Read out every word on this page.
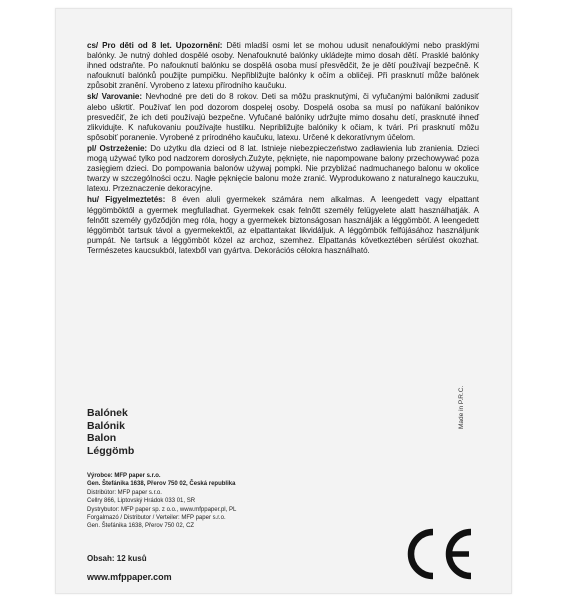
cs/ Pro děti od 8 let. Upozornění: Děti mladší osmi let se mohou udusit nenafouklými nebo prasklými balónky. Je nutný dohled dospělé osoby. Nenafouknuté balónky ukládejte mimo dosah dětí. Prasklé balónky ihned odstraňte. Po nafouknutí balónku se dospělá osoba musí přesvědčit, že je dětí používají bezpečně. K nafouknutí balónků použijte pumpičku. Nepřibližujte balónky k očím a obličeji. Při prasknutí může balónek způsobit zranění. Vyrobeno z latexu přírodního kaučuku.

sk/ Varovanie: Nevhodné pre deti do 8 rokov. Deti sa môžu prasknutými, či vyfučanými balónikmi zadusiť alebo uškrtiť. Používať len pod dozorom dospelej osoby. Dospelá osoba sa musí po nafúkaní balónikov presvedčiť, že ich deti používajú bezpečne. Vyfučané balóniky udržujte mimo dosahu detí, prasknuté ihneď zlikvidujte. K nafukovaniu používajte hustilku. Nepribližujte balóniky k očiam, k tvári. Pri prasknutí môžu spôsobiť poranenie. Vyrobené z prírodného kaučuku, latexu. Určené k dekoratívnym účelom.

pl/ Ostrzeżenie: Do użytku dla dzieci od 8 lat. Istnieje niebezpieczeństwo zadławienia lub zranienia. Dzieci mogą używać tylko pod nadzorem dorosłych.Zużyte, pęknięte, nie napompowane balony przechowywać poza zasięgiem dzieci. Do pompowania balonów używaj pompki. Nie przybliżać nadmuchanego balonu w okolice twarzy w szczególności oczu. Nagłe pęknięcie balonu może zranić. Wyprodukowano z naturalnego kauczuku, latexu. Przeznaczenie dekoracyjne.

hu/ Figyelmeztetés: 8 éven aluli gyermekek számára nem alkalmas. A leengedett vagy elpattant léggömböktől a gyermek megfulladhat. Gyermekek csak felnőtt személy felügyelete alatt használhatják. A felnőtt személy győződjön meg róla, hogy a gyermekek biztonságosan használják a léggömböt. A leengedett léggömböt tartsuk távol a gyermekektől, az elpattantakat likvidáljuk. A léggömbök felfújásához használjunk pumpát. Ne tartsuk a léggömböt közel az archoz, szemhez. Elpattanás következtében sérülést okozhat. Természetes kaucsukból, latexből van gyártva. Dekorációs célokra használható.

Made in P.R.C.
Balónek
Balónik
Balon
Léggömb
Výrobce: MFP paper s.r.o.
Gen. Štefánika 1638, Přerov 750 02, Česká republika
Distribútor: MFP paper s.r.o.
Cellry 866, Liptovský Hrádok 033 01, SR
Dystrybutor: MFP paper sp. z o.o., www.mfppaper.pl, PL
Forgalmazó / Distributor / Verteiler: MFP paper s.r.o.
Gen. Štefánika 1638, Přerov 750 02, CZ
Obsah: 12 kusů
www.mfppaper.com
